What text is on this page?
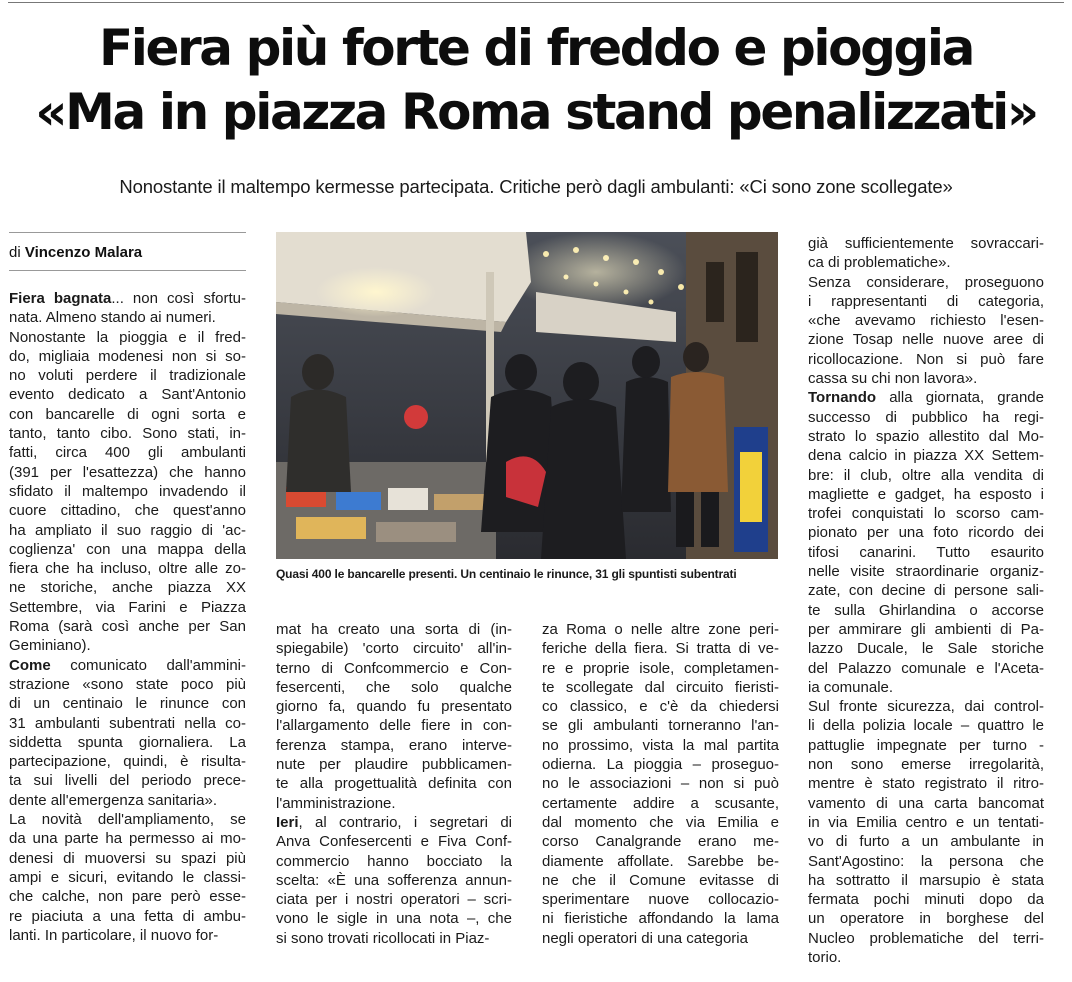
Fiera più forte di freddo e pioggia
«Ma in piazza Roma stand penalizzati»
Nonostante il maltempo kermesse partecipata. Critiche però dagli ambulanti: «Ci sono zone scollegate»
di Vincenzo Malara
Fiera bagnata... non così sfortu-
nata. Almeno stando ai numeri.
Nonostante la pioggia e il fred-
do, migliaia modenesi non si so-
no voluti perdere il tradizionale
evento dedicato a Sant'Antonio
con bancarelle di ogni sorta e
tanto, tanto cibo. Sono stati, in-
fatti, circa 400 gli ambulanti
(391 per l'esattezza) che hanno
sfidato il maltempo invadendo il
cuore cittadino, che quest'anno
ha ampliato il suo raggio di 'ac-
coglienza' con una mappa della
fiera che ha incluso, oltre alle zo-
ne storiche, anche piazza XX
Settembre, via Farini e Piazza
Roma (sarà così anche per San
Geminiano).
Come comunicato dall'ammini-
strazione «sono state poco più
di un centinaio le rinunce con
31 ambulanti subentrati nella co-
siddetta spunta giornaliera. La
partecipazione, quindi, è risulta-
ta sui livelli del periodo prece-
dente all'emergenza sanitaria».
La novità dell'ampliamento, se
da una parte ha permesso ai mo-
denesi di muoversi su spazi più
ampi e sicuri, evitando le classi-
che calche, non pare però esse-
re piaciuta a una fetta di ambu-
lanti. In particolare, il nuovo for-
Quasi 400 le bancarelle presenti. Un centinaio le rinunce, 31 gli spuntisti subentrati
mat ha creato una sorta di (in-
spiegabile) 'corto circuito' all'in-
terno di Confcommercio e Con-
fesercenti, che solo qualche
giorno fa, quando fu presentato
l'allargamento delle fiere in con-
ferenza stampa, erano interve-
nute per plaudire pubblicamen-
te alla progettualità definita con
l'amministrazione.
Ieri, al contrario, i segretari di
Anva Confesercenti e Fiva Conf-
commercio hanno bocciato la
scelta: «È una sofferenza annun-
ciata per i nostri operatori – scri-
vono le sigle in una nota –, che
si sono trovati ricollocati in Piaz-
za Roma o nelle altre zone peri-
feriche della fiera. Si tratta di ve-
re e proprie isole, completamen-
te scollegate dal circuito fieristi-
co classico, e c'è da chiedersi
se gli ambulanti torneranno l'an-
no prossimo, vista la mal partita
odierna. La pioggia – proseguo-
no le associazioni – non si può
certamente addire a scusante,
dal momento che via Emilia e
corso Canalgrande erano me-
diamente affollate. Sarebbe be-
ne che il Comune evitasse di
sperimentare nuove collocazio-
ni fieristiche affondando la lama
negli operatori di una categoria
già sufficientemente sovraccari-
ca di problematiche».
Senza considerare, proseguono
i rappresentanti di categoria,
«che avevamo richiesto l'esen-
zione Tosap nelle nuove aree di
ricollocazione. Non si può fare
cassa su chi non lavora».
Tornando alla giornata, grande
successo di pubblico ha regi-
strato lo spazio allestito dal Mo-
dena calcio in piazza XX Settem-
bre: il club, oltre alla vendita di
magliette e gadget, ha esposto i
trofei conquistati lo scorso cam-
pionato per una foto ricordo dei
tifosi canarini. Tutto esaurito
nelle visite straordinarie organiz-
zate, con decine di persone sali-
te sulla Ghirlandina o accorse
per ammirare gli ambienti di Pa-
lazzo Ducale, le Sale storiche
del Palazzo comunale e l'Aceta-
ia comunale.
Sul fronte sicurezza, dai control-
li della polizia locale – quattro le
pattuglie impegnate per turno -
non sono emerse irregolarità,
mentre è stato registrato il ritro-
vamento di una carta bancomat
in via Emilia centro e un tentati-
vo di furto a un ambulante in
Sant'Agostino: la persona che
ha sottratto il marsupio è stata
fermata pochi minuti dopo da
un operatore in borghese del
Nucleo problematiche del terri-
torio.
